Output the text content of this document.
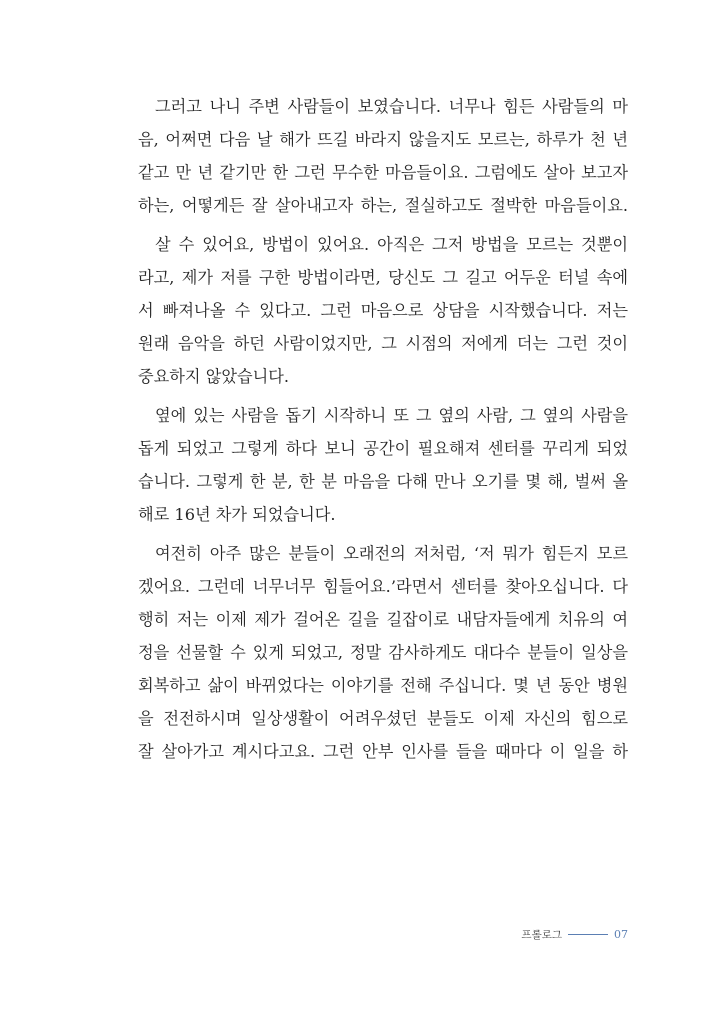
그러고 나니 주변 사람들이 보였습니다. 너무나 힘든 사람들의 마
음, 어쩌면 다음 날 해가 뜨길 바라지 않을지도 모르는, 하루가 천 년
같고 만 년 같기만 한 그런 무수한 마음들이요. 그럼에도 살아 보고자
하는, 어떻게든 잘 살아내고자 하는, 절실하고도 절박한 마음들이요.
살 수 있어요, 방법이 있어요. 아직은 그저 방법을 모르는 것뿐이
라고, 제가 저를 구한 방법이라면, 당신도 그 길고 어두운 터널 속에
서 빠져나올 수 있다고. 그런 마음으로 상담을 시작했습니다. 저는
원래 음악을 하던 사람이었지만, 그 시점의 저에게 더는 그런 것이
중요하지 않았습니다.
옆에 있는 사람을 돕기 시작하니 또 그 옆의 사람, 그 옆의 사람을
돕게 되었고 그렇게 하다 보니 공간이 필요해져 센터를 꾸리게 되었
습니다. 그렇게 한 분, 한 분 마음을 다해 만나 오기를 몇 해, 벌써 올
해로 16년 차가 되었습니다.
여전히 아주 많은 분들이 오래전의 저처럼, ‘저 뭐가 힘든지 모르
겠어요. 그런데 너무너무 힘들어요.’라면서 센터를 찾아오십니다. 다
행히 저는 이제 제가 걸어온 길을 길잡이로 내담자들에게 치유의 여
정을 선물할 수 있게 되었고, 정말 감사하게도 대다수 분들이 일상을
회복하고 삶이 바뀌었다는 이야기를 전해 주십니다. 몇 년 동안 병원
을 전전하시며 일상생활이 어려우셨던 분들도 이제 자신의 힘으로
잘 살아가고 계시다고요. 그런 안부 인사를 들을 때마다 이 일을 하
프롤로그	07
